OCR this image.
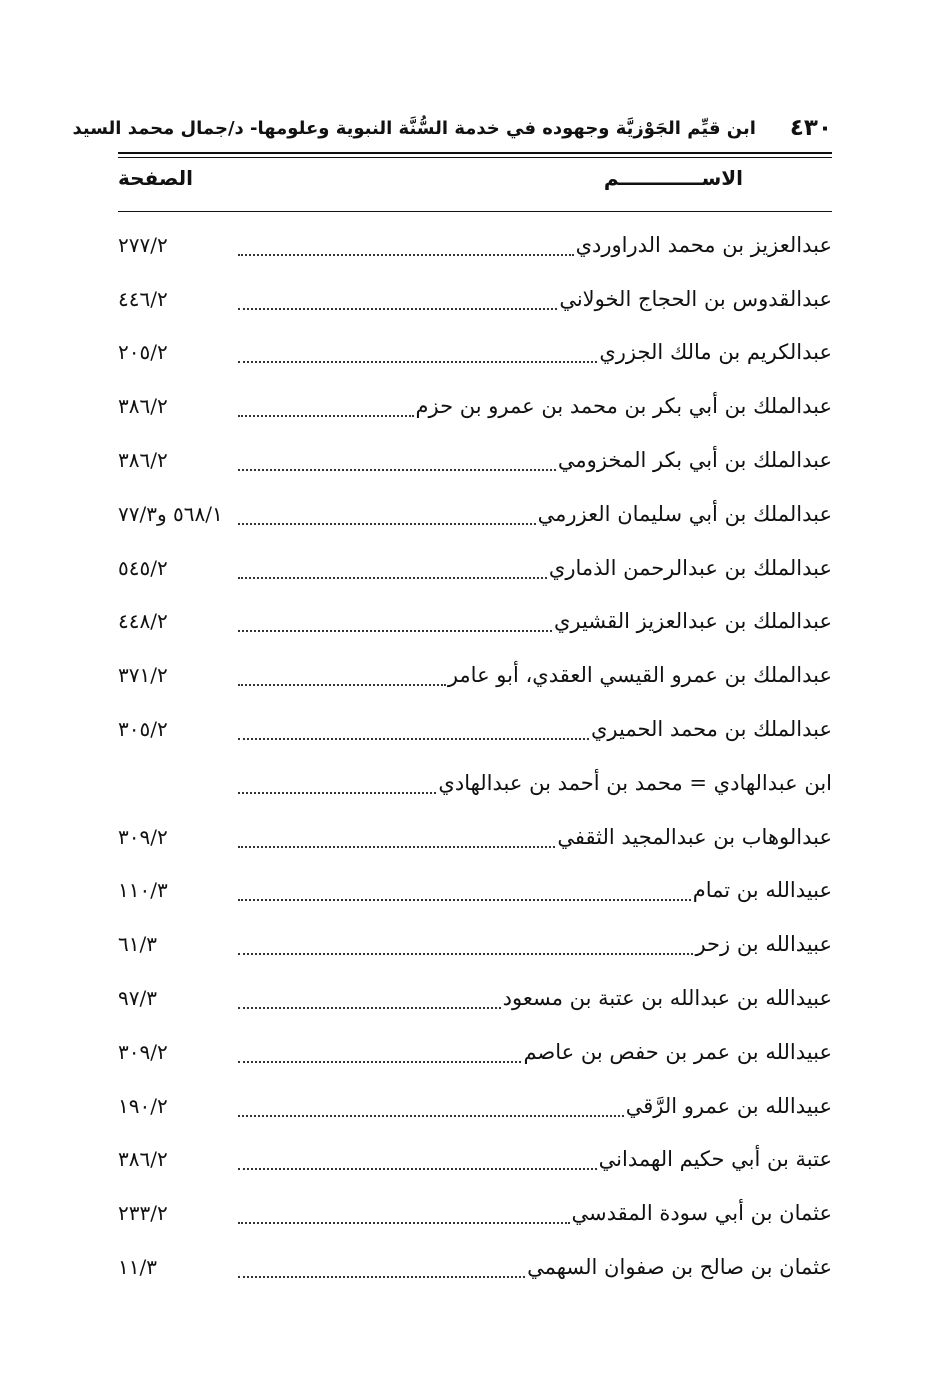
٤٣٠
ابن قيِّم الجَوْزيَّة وجهوده في خدمة السُّنَّة النبوية وعلومها- د/جمال محمد السيد
الاســــــــــــم
الصفحة
عبدالعزيز بن محمد الدراوردي
٢٧٧/٢
عبدالقدوس بن الحجاج الخولاني
٤٤٦/٢
عبدالكريم بن مالك الجزري
٢٠٥/٢
عبدالملك بن أبي بكر بن محمد بن عمرو بن حزم
٣٨٦/٢
عبدالملك بن أبي بكر المخزومي
٣٨٦/٢
عبدالملك بن أبي سليمان العزرمي
٥٦٨/١ و٧٧/٣
عبدالملك بن عبدالرحمن الذماري
٥٤٥/٢
عبدالملك بن عبدالعزيز القشيري
٤٤٨/٢
عبدالملك بن عمرو القيسي العقدي، أبو عامر
٣٧١/٢
عبدالملك بن محمد الحميري
٣٠٥/٢
ابن عبدالهادي = محمد بن أحمد بن عبدالهادي
عبدالوهاب بن عبدالمجيد الثقفي
٣٠٩/٢
عبيدالله بن تمام
١١٠/٣
عبيدالله بن زحر
٦١/٣
عبيدالله بن عبدالله بن عتبة بن مسعود
٩٧/٣
عبيدالله بن عمر بن حفص بن عاصم
٣٠٩/٢
عبيدالله بن عمرو الرَّقي
١٩٠/٢
عتبة بن أبي حكيم الهمداني
٣٨٦/٢
عثمان بن أبي سودة المقدسي
٢٣٣/٢
عثمان بن صالح بن صفوان السهمي
١١/٣
